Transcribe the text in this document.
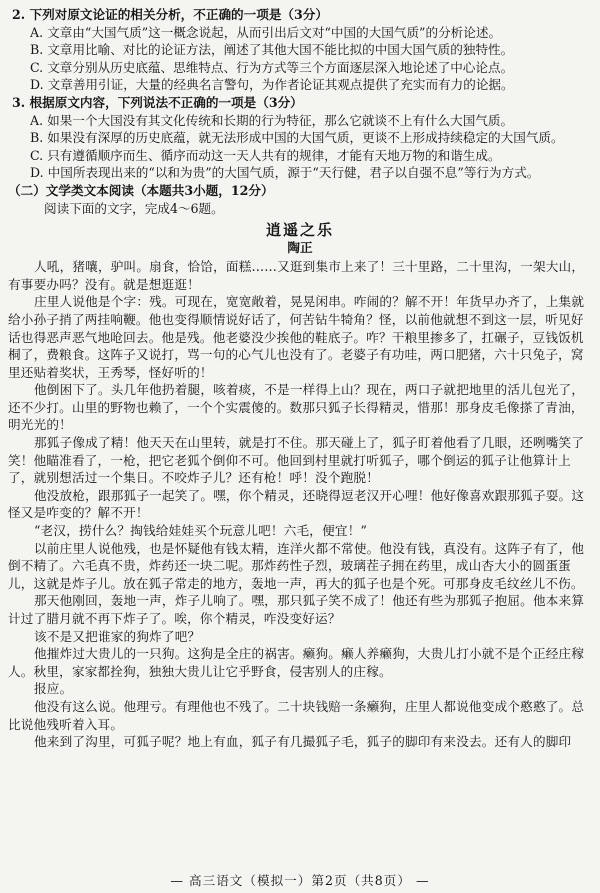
2. 下列对原文论证的相关分析，不正确的一项是（3分）
A. 文章由“大国气质”这一概念说起，从而引出后文对“中国的大国气质”的分析论述。
B. 文章用比喻、对比的论证方法，阐述了其他大国不能比拟的中国大国气质的独特性。
C. 文章分别从历史底蕴、思维特点、行为方式等三个方面逐层深入地论述了中心论点。
D. 文章善用引证，大量的经典名言警句，为作者论证其观点提供了充实而有力的论据。
3. 根据原文内容，下列说法不正确的一项是（3分）
A. 如果一个大国没有其文化传统和长期的行为特征，那么它就谈不上有什么大国气质。
B. 如果没有深厚的历史底蕴，就无法形成中国的大国气质，更谈不上形成持续稳定的大国气质。
C. 只有遵循顺序而生、循序而动这一天人共有的规律，才能有天地万物的和谐生成。
D. 中国所表现出来的“以和为贵”的大国气质，源于“天行健，君子以自强不息”等行为方式。
（二）文学类文本阅读（本题共3小题，12分）
阅读下面的文字，完成4～6题。
逍遥之乐
陶正

人吼，猪嚷，驴叫。扇食，恰饸，面糕……又逛到集市上来了！三十里路，二十里沟，一架大山，有事要办吗？没有。就是想逛逛！

庄里人说他是个字：残。可现在，宽宽敞着，晃晃闲串。咋闹的？解不开！年货早办齐了，上集就给小孙子捎了两挂响鞭。他也变得顺情说好话了，何苦钻牛犄角？怪，以前他就想不到这一层，听见好话也得恶声恶气地呛回去。他是残。他老婆没少挨他的鞋底子。咋？干粮里掺多了，扛碾子，豆钱饭机桐了，费粮食。这阵子又说打，骂一句的心气儿也没有了。老婆子有功哇，两口肥猪，六十只兔子，窝里还贴着奖状，王秀琴，怪好听的！

他倒困下了。头几年他扔着腿，咳着痰，不是一样得上山？现在，两口子就把地里的活儿包光了，还不少打。山里的野物也赖了，一个个实震傻的。数那只狐子长得精灵，惜那！那身皮毛像搽了青油，明光光的！

那狐子像成了精！他天天在山里转，就是打不住。那天碰上了，狐子盯着他看了几眼，还咧嘴笑了笑！他瞄准看了，一枪，把它老狐个倒仰不可。他回到村里就打听狐子，哪个倒运的狐子让他算计上了，就别想活过一个集日。不咬炸子儿？还有枪！呼！没个跑脱！

他没放枪，跟那狐子一起笑了。嘿，你个精灵，还晓得逗老汉开心哩！他好像喜欢跟那狐子耍。这怪又是咋变的？解不开！

“老汉，捞什么？掏钱给娃娃买个玩意儿吧！六毛，便宜！”

以前庄里人说他残，也是怀疑他有钱太精，连洋火都不常使。他没有钱，真没有。这阵子有了，他倒不精了。六毛真不贵，炸药还一块二呢。那炸药性子烈，玻璃茬子拥在药里，成山杏大小的圆蛋蛋儿，这就是炸子儿。放在狐子常走的地方，轰地一声，再大的狐子也是个死。可那身皮毛纹丝儿不伤。

那天他刚回，轰地一声，炸子儿响了。嘿，那只狐子笑不成了！他还有些为那狐子抱屈。他本来算计过了腊月就不再下炸子了。唉，你个精灵，咋没变好运？

该不是又把谁家的狗炸了吧？

他摧炸过大贵儿的一只狗。这狗是全庄的祸害。癞狗。癞人养癞狗，大贵儿打小就不是个正经庄稼人。秋里，家家都拴狗，独独大贵儿让它乎野食，侵害别人的庄稼。

报应。

他没有这么说。他理亏。有理他也不残了。二十块钱赔一条癞狗，庄里人都说他变成个憨憨了。总比说他残听着入耳。

他来到了沟里，可狐子呢？地上有血，狐子有几撮狐子毛，狐子的脚印有来没去。还有人的脚印

— 高三语文（模拟一）第2页（共8页） —
